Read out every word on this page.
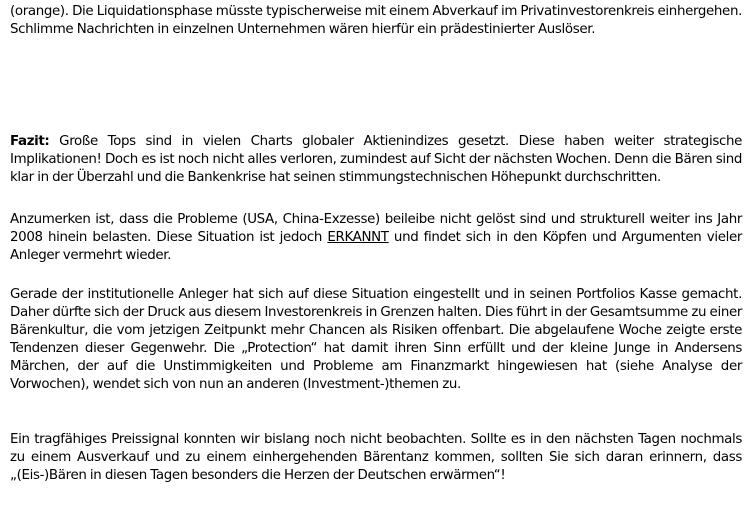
(orange). Die Liquidationsphase müsste typischerweise mit einem Abverkauf im Privatinvestorenkreis einhergehen. Schlimme Nachrichten in einzelnen Unternehmen wären hierfür ein prädestinierter Auslöser.

Fazit: Große Tops sind in vielen Charts globaler Aktienindizes gesetzt. Diese haben weiter strategische Implikationen! Doch es ist noch nicht alles verloren, zumindest auf Sicht der nächsten Wochen. Denn die Bären sind klar in der Überzahl und die Bankenkrise hat seinen stimmungstechnischen Höhepunkt durchschritten.

Anzumerken ist, dass die Probleme (USA, China-Exzesse) beileibe nicht gelöst sind und strukturell weiter ins Jahr 2008 hinein belasten. Diese Situation ist jedoch ERKANNT und findet sich in den Köpfen und Argumenten vieler Anleger vermehrt wieder.

Gerade der institutionelle Anleger hat sich auf diese Situation eingestellt und in seinen Portfolios Kasse gemacht. Daher dürfte sich der Druck aus diesem Investorenkreis in Grenzen halten. Dies führt in der Gesamtsumme zu einer Bärenkultur, die vom jetzigen Zeitpunkt mehr Chancen als Risiken offenbart. Die abgelaufene Woche zeigte erste Tendenzen dieser Gegenwehr. Die „Protection“ hat damit ihren Sinn erfüllt und der kleine Junge in Andersens Märchen, der auf die Unstimmigkeiten und Probleme am Finanzmarkt hingewiesen hat (siehe Analyse der Vorwochen), wendet sich von nun an anderen (Investment-)themen zu.

Ein tragfähiges Preissignal konnten wir bislang noch nicht beobachten. Sollte es in den nächsten Tagen nochmals zu einem Ausverkauf und zu einem einhergehenden Bärentanz kommen, sollten Sie sich daran erinnern, dass „(Eis-)Bären in diesen Tagen besonders die Herzen der Deutschen erwärmen“!
